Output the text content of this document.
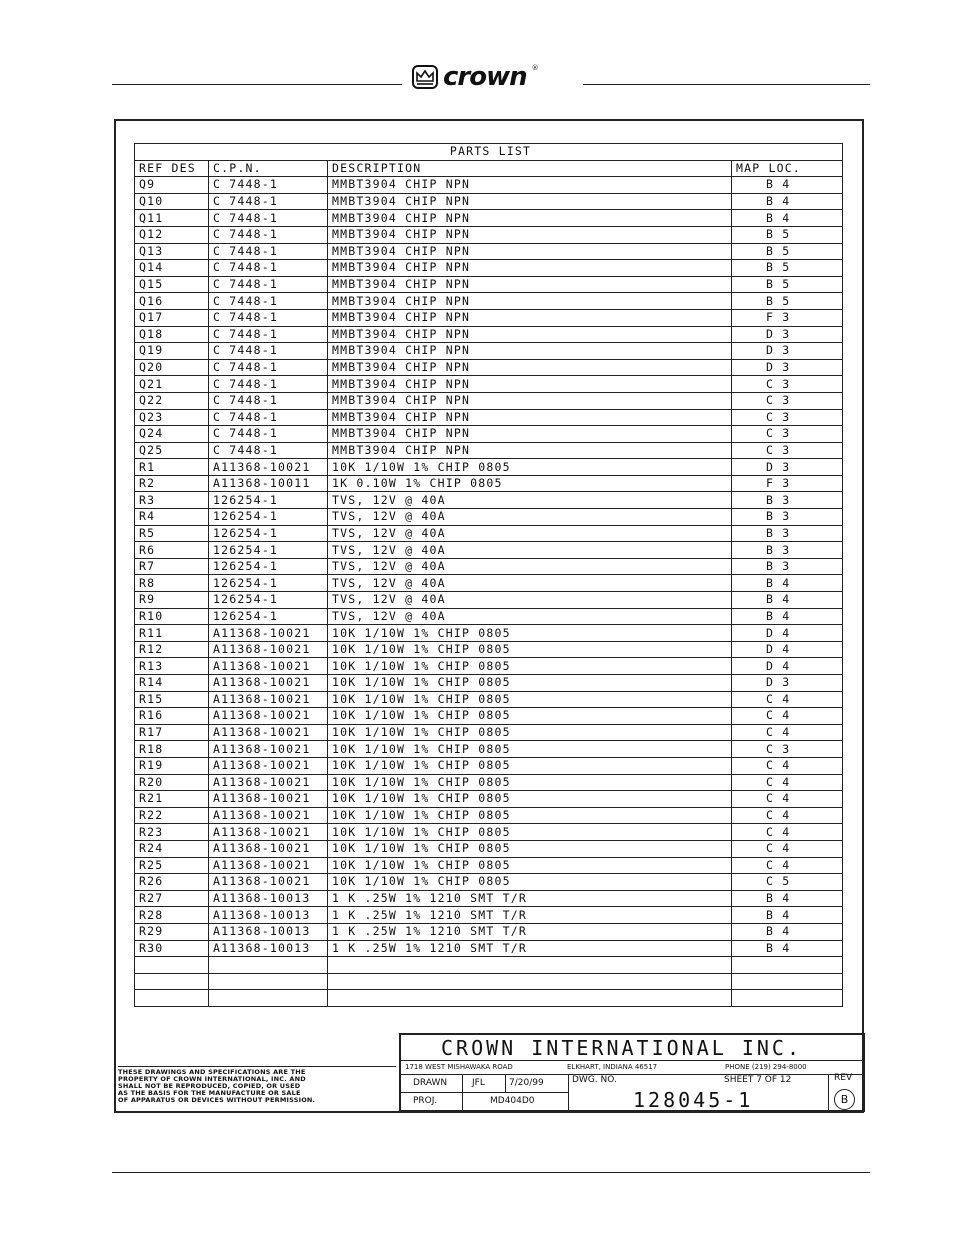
crown ®
PARTS LIST			
REF DES	C.P.N.	DESCRIPTION	MAP LOC.
Q9	C 7448-1	MMBT3904 CHIP NPN	B 4
Q10	C 7448-1	MMBT3904 CHIP NPN	B 4
Q11	C 7448-1	MMBT3904 CHIP NPN	B 4
Q12	C 7448-1	MMBT3904 CHIP NPN	B 5
Q13	C 7448-1	MMBT3904 CHIP NPN	B 5
Q14	C 7448-1	MMBT3904 CHIP NPN	B 5
Q15	C 7448-1	MMBT3904 CHIP NPN	B 5
Q16	C 7448-1	MMBT3904 CHIP NPN	B 5
Q17	C 7448-1	MMBT3904 CHIP NPN	F 3
Q18	C 7448-1	MMBT3904 CHIP NPN	D 3
Q19	C 7448-1	MMBT3904 CHIP NPN	D 3
Q20	C 7448-1	MMBT3904 CHIP NPN	D 3
Q21	C 7448-1	MMBT3904 CHIP NPN	C 3
Q22	C 7448-1	MMBT3904 CHIP NPN	C 3
Q23	C 7448-1	MMBT3904 CHIP NPN	C 3
Q24	C 7448-1	MMBT3904 CHIP NPN	C 3
Q25	C 7448-1	MMBT3904 CHIP NPN	C 3
R1	A11368-10021	10K 1/10W 1% CHIP 0805	D 3
R2	A11368-10011	1K 0.10W 1% CHIP 0805	F 3
R3	126254-1	TVS, 12V @ 40A	B 3
R4	126254-1	TVS, 12V @ 40A	B 3
R5	126254-1	TVS, 12V @ 40A	B 3
R6	126254-1	TVS, 12V @ 40A	B 3
R7	126254-1	TVS, 12V @ 40A	B 3
R8	126254-1	TVS, 12V @ 40A	B 4
R9	126254-1	TVS, 12V @ 40A	B 4
R10	126254-1	TVS, 12V @ 40A	B 4
R11	A11368-10021	10K 1/10W 1% CHIP 0805	D 4
R12	A11368-10021	10K 1/10W 1% CHIP 0805	D 4
R13	A11368-10021	10K 1/10W 1% CHIP 0805	D 4
R14	A11368-10021	10K 1/10W 1% CHIP 0805	D 3
R15	A11368-10021	10K 1/10W 1% CHIP 0805	C 4
R16	A11368-10021	10K 1/10W 1% CHIP 0805	C 4
R17	A11368-10021	10K 1/10W 1% CHIP 0805	C 4
R18	A11368-10021	10K 1/10W 1% CHIP 0805	C 3
R19	A11368-10021	10K 1/10W 1% CHIP 0805	C 4
R20	A11368-10021	10K 1/10W 1% CHIP 0805	C 4
R21	A11368-10021	10K 1/10W 1% CHIP 0805	C 4
R22	A11368-10021	10K 1/10W 1% CHIP 0805	C 4
R23	A11368-10021	10K 1/10W 1% CHIP 0805	C 4
R24	A11368-10021	10K 1/10W 1% CHIP 0805	C 4
R25	A11368-10021	10K 1/10W 1% CHIP 0805	C 4
R26	A11368-10021	10K 1/10W 1% CHIP 0805	C 5
R27	A11368-10013	1 K .25W 1% 1210 SMT T/R	B 4
R28	A11368-10013	1 K .25W 1% 1210 SMT T/R	B 4
R29	A11368-10013	1 K .25W 1% 1210 SMT T/R	B 4
R30	A11368-10013	1 K .25W 1% 1210 SMT T/R	B 4

THESE DRAWINGS AND SPECIFICATIONS ARE THE
PROPERTY OF CROWN INTERNATIONAL, INC. AND
SHALL NOT BE REPRODUCED, COPIED, OR USED
AS THE BASIS FOR THE MANUFACTURE OR SALE
OF APPARATUS OR DEVICES WITHOUT PERMISSION.
CROWN INTERNATIONAL INC.
1718 WEST MISHAWAKA ROAD	ELKHART, INDIANA 46517	PHONE (219) 294-8000
DRAWN	JFL	7/20/99	DWG. NO.	SHEET 7 OF 12	REV
B
PROJ.	MD404D0	128045-1
